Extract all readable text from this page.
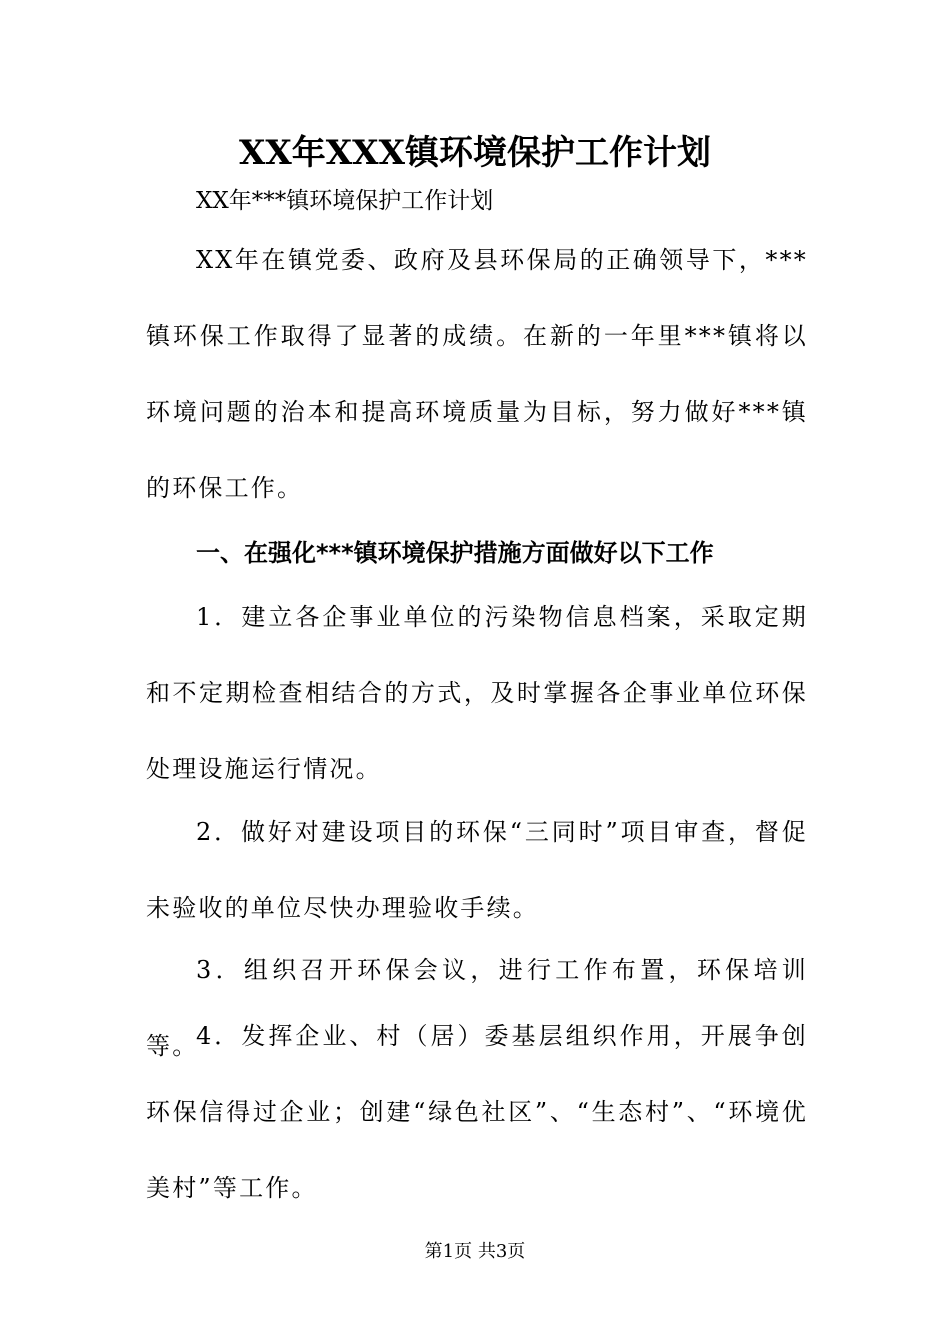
XX年XXX镇环境保护工作计划

XX年***镇环境保护工作计划

XX年在镇党委、政府及县环保局的正确领导下，***镇环保工作取得了显著的成绩。在新的一年里***镇将以环境问题的治本和提高环境质量为目标，努力做好***镇的环保工作。

一、在强化***镇环境保护措施方面做好以下工作

1．建立各企事业单位的污染物信息档案，采取定期和不定期检查相结合的方式，及时掌握各企事业单位环保处理设施运行情况。

2．做好对建设项目的环保“三同时”项目审查，督促未验收的单位尽快办理验收手续。

3．组织召开环保会议，进行工作布置，环保培训等。

4．发挥企业、村（居）委基层组织作用，开展争创环保信得过企业；创建“绿色社区”、“生态村”、“环境优美村”等工作。

第1页 共3页
